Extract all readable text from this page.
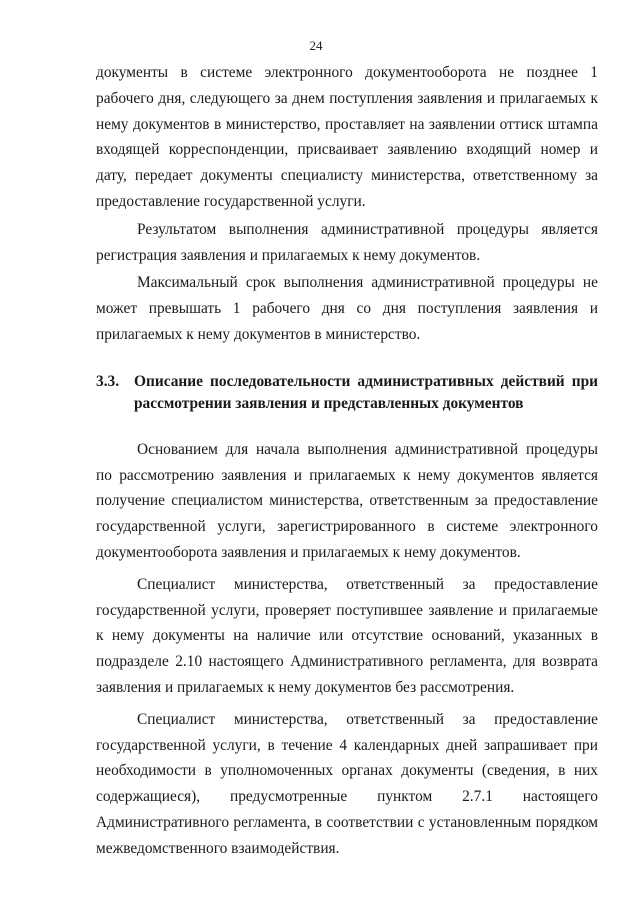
24

документы в системе электронного документооборота не позднее 1 рабочего дня, следующего за днем поступления заявления и прилагаемых к нему документов в министерство, проставляет на заявлении оттиск штампа входящей корреспонденции, присваивает заявлению входящий номер и дату, передает документы специалисту министерства, ответственному за предоставление государственной услуги.

Результатом выполнения административной процедуры является регистрация заявления и прилагаемых к нему документов.

Максимальный срок выполнения административной процедуры не может превышать 1 рабочего дня со дня поступления заявления и прилагаемых к нему документов в министерство.

3.3. Описание последовательности административных действий при рассмотрении заявления и представленных документов

Основанием для начала выполнения административной процедуры по рассмотрению заявления и прилагаемых к нему документов является получение специалистом министерства, ответственным за предоставление государственной услуги, зарегистрированного в системе электронного документооборота заявления и прилагаемых к нему документов.

Специалист министерства, ответственный за предоставление государственной услуги, проверяет поступившее заявление и прилагаемые к нему документы на наличие или отсутствие оснований, указанных в подразделе 2.10 настоящего Административного регламента, для возврата заявления и прилагаемых к нему документов без рассмотрения.

Специалист министерства, ответственный за предоставление государственной услуги, в течение 4 календарных дней запрашивает при необходимости в уполномоченных органах документы (сведения, в них содержащиеся), предусмотренные пунктом 2.7.1 настоящего Административного регламента, в соответствии с установленным порядком межведомственного взаимодействия.
